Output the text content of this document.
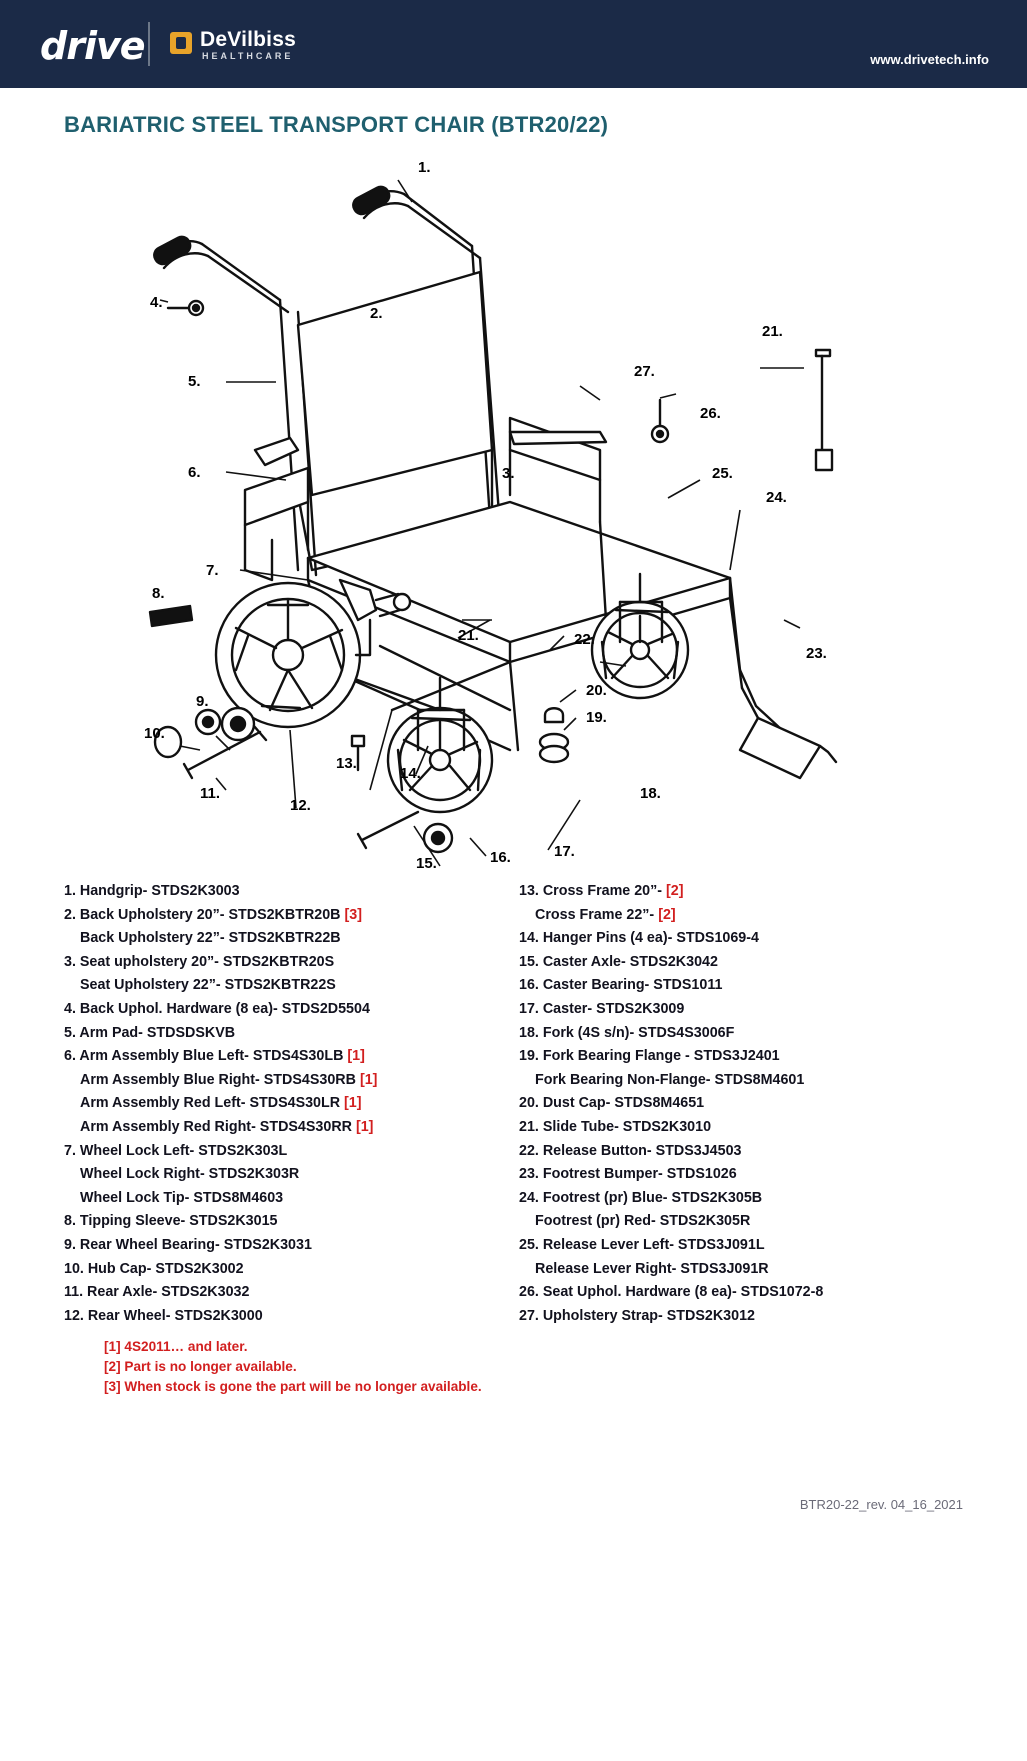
drive	DeVilbiss
HEALTHCARE	www.drivetech.info
BARIATRIC STEEL TRANSPORT CHAIR (BTR20/22)
1.
2.
3.
4.
5.
6.
7.
8.
9.
10.
11.
12.
13.
14.
15.	16.	17.
18.
19.
20.
21.
21.	22.
23.
24.
25.
26.
27.
1. Handgrip- STDS2K3003
2. Back Upholstery 20”- STDS2KBTR20B [3]
Back Upholstery 22”- STDS2KBTR22B
3. Seat upholstery 20”- STDS2KBTR20S
Seat Upholstery 22”- STDS2KBTR22S
4. Back Uphol. Hardware (8 ea)- STDS2D5504
5. Arm Pad- STDSDSKVB
6. Arm Assembly Blue Left- STDS4S30LB [1]
Arm Assembly Blue Right- STDS4S30RB [1]
Arm Assembly Red Left- STDS4S30LR [1]
Arm Assembly Red Right- STDS4S30RR [1]
7. Wheel Lock Left- STDS2K303L
Wheel Lock Right- STDS2K303R
Wheel Lock Tip- STDS8M4603
8. Tipping Sleeve- STDS2K3015
9. Rear Wheel Bearing- STDS2K3031
10. Hub Cap- STDS2K3002
11. Rear Axle- STDS2K3032
12. Rear Wheel- STDS2K3000
13. Cross Frame 20”- [2]
Cross Frame 22”- [2]
14. Hanger Pins (4 ea)- STDS1069-4
15. Caster Axle- STDS2K3042
16. Caster Bearing- STDS1011
17. Caster- STDS2K3009
18. Fork (4S s/n)- STDS4S3006F
19. Fork Bearing Flange - STDS3J2401
Fork Bearing Non-Flange- STDS8M4601
20. Dust Cap- STDS8M4651
21. Slide Tube- STDS2K3010
22. Release Button- STDS3J4503
23. Footrest Bumper- STDS1026
24. Footrest (pr) Blue- STDS2K305B
Footrest (pr) Red- STDS2K305R
25. Release Lever Left- STDS3J091L
Release Lever Right- STDS3J091R
26. Seat Uphol. Hardware (8 ea)- STDS1072-8
27. Upholstery Strap- STDS2K3012
[1] 4S2011… and later.
[2] Part is no longer available.
[3] When stock is gone the part will be no longer available.
BTR20-22_rev. 04_16_2021
